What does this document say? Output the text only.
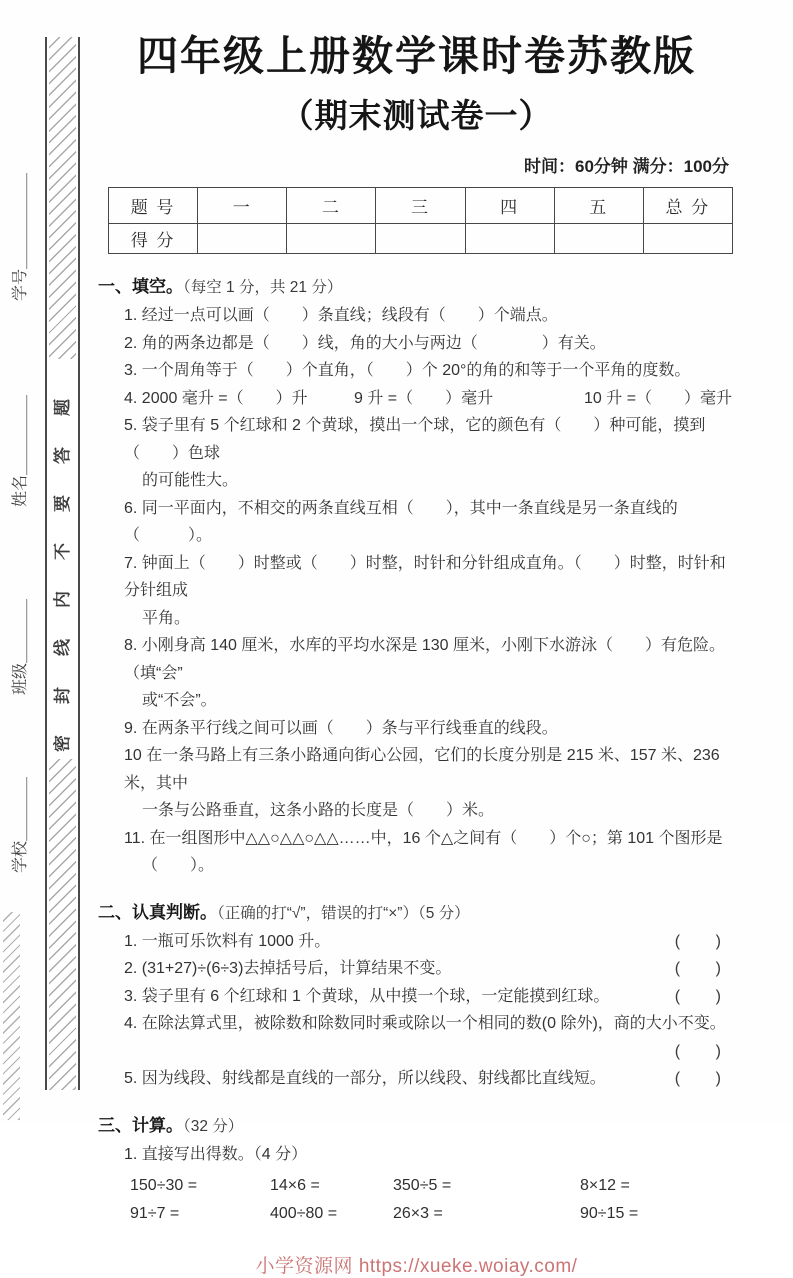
学号＿＿＿＿＿＿
姓名＿＿＿＿＿
班级＿＿＿＿
学校＿＿＿＿
密封线内不要答题
四年级上册数学课时卷苏教版
（期末测试卷一）
时间：60分钟 满分：100分
题 号	一	二	三	四	五	总 分
得 分						
一、填空。（每空 1 分，共 21 分）
1. 经过一点可以画（　　）条直线；线段有（　　）个端点。
2. 角的两条边都是（　　）线，角的大小与两边（　　　　）有关。
3. 一个周角等于（　　）个直角，（　　）个 20°的角的和等于一个平角的度数。
4. 2000 毫升 =（　　）升	9 升 =（　　）毫升	10 升 =（　　）毫升
5. 袋子里有 5 个红球和 2 个黄球，摸出一个球，它的颜色有（　　）种可能，摸到（　　）色球
的可能性大。
6. 同一平面内，不相交的两条直线互相（　　），其中一条直线是另一条直线的（　　　）。
7. 钟面上（　　）时整或（　　）时整，时针和分针组成直角。（　　）时整，时针和分针组成
平角。
8. 小刚身高 140 厘米，水库的平均水深是 130 厘米，小刚下水游泳（　　）有危险。（填“会”
或“不会”。
9. 在两条平行线之间可以画（　　）条与平行线垂直的线段。
10 在一条马路上有三条小路通向街心公园，它们的长度分别是 215 米、157 米、236 米，其中
一条与公路垂直，这条小路的长度是（　　）米。
11. 在一组图形中△△○△△○△△……中，16 个△之间有（　　）个○；第 101 个图形是
（　　）。
二、认真判断。（正确的打“√”，错误的打“×”）（5 分）
1. 一瓶可乐饮料有 1000 升。	(        )
2. (31+27)÷(6÷3)去掉括号后，计算结果不变。	(        )
3. 袋子里有 6 个红球和 1 个黄球，从中摸一个球，一定能摸到红球。	(        )
4. 在除法算式里，被除数和除数同时乘或除以一个相同的数(0 除外)，商的大小不变。
(        )
5. 因为线段、射线都是直线的一部分，所以线段、射线都比直线短。	(        )
三、计算。（32 分）
1. 直接写出得数。（4 分）
150÷30 =	14×6 =	350÷5 =	8×12 =
91÷7 =	400÷80 =	26×3 =	90÷15 =
小学资源网 https://xueke.woiay.com/
